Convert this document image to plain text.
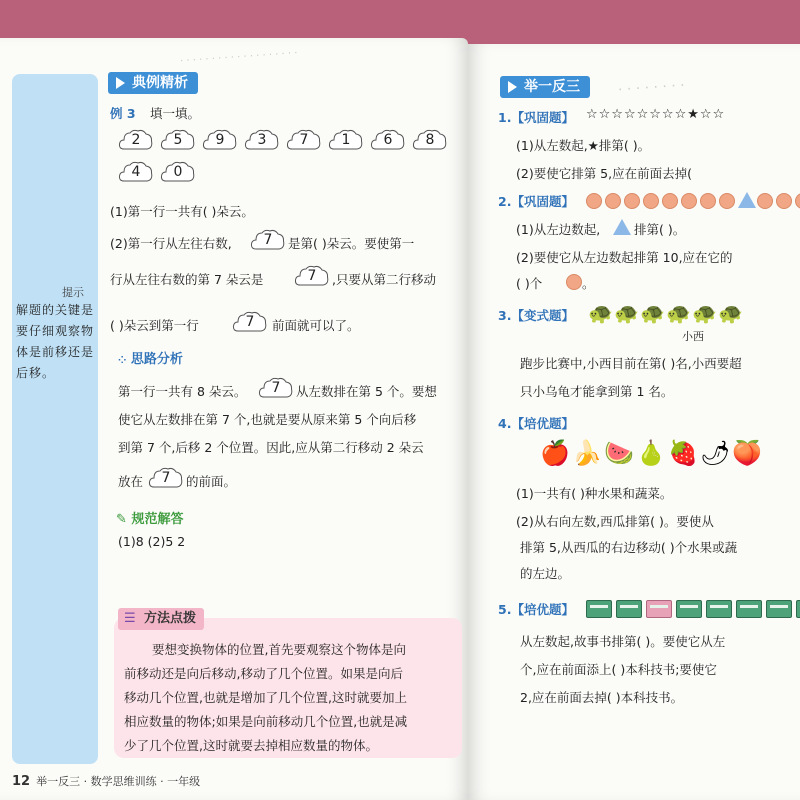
· · · · · · · · · · · · · · · · · · ·
提示
解题的关键是要仔细观察物体是前移还是后移。
典例精析
例 3 填一填。
2	5	9	3	7	1	6	8
4	0
(1)第一行一共有( )朵云。
(2)第一行从左往右数,	7	是第( )朵云。要使第一
行从左往右数的第 7 朵云是	7	,只要从第二行移动
( )朵云到第一行	7	前面就可以了。
⁘ 思路分析
第一行一共有 8 朵云。	7	从左数排在第 5 个。要想
使它从左数排在第 7 个,也就是要从原来第 5 个向后移
到第 7 个,后移 2 个位置。因此,应从第二行移动 2 朵云
放在	7	的前面。
✎ 规范解答
(1)8 (2)5 2
☰ 方法点拨
要想变换物体的位置,首先要观察这个物体是向
前移动还是向后移动,移动了几个位置。如果是向后
移动几个位置,也就是增加了几个位置,这时就要加上
相应数量的物体;如果是向前移动几个位置,也就是减
少了几个位置,这时就要去掉相应数量的物体。
12 举一反三 · 数学思维训练 · 一年级
举一反三	· · · · · · · ·
1.【巩固题】 ☆☆☆☆☆☆☆☆★☆☆
(1)从左数起,★排第( )。
(2)要使它排第 5,应在前面去掉(
2.【巩固题】
(1)从左边数起,	排第( )。
(2)要使它从左边数起排第 10,应在它的
( )个	。
3.【变式题】 🐢 🐢 🐢 🐢 🐢 🐢
小西
跑步比赛中,小西目前在第( )名,小西要超
只小乌龟才能拿到第 1 名。
4.【培优题】
🍎 🍌 🍉 🍐 🍓 🌶 🍑
(1)一共有( )种水果和蔬菜。
(2)从右向左数,西瓜排第( )。要使从
排第 5,从西瓜的右边移动( )个水果或蔬
的左边。
5.【培优题】
从左数起,故事书排第( )。要使它从左
个,应在前面添上( )本科技书;要使它
2,应在前面去掉( )本科技书。
